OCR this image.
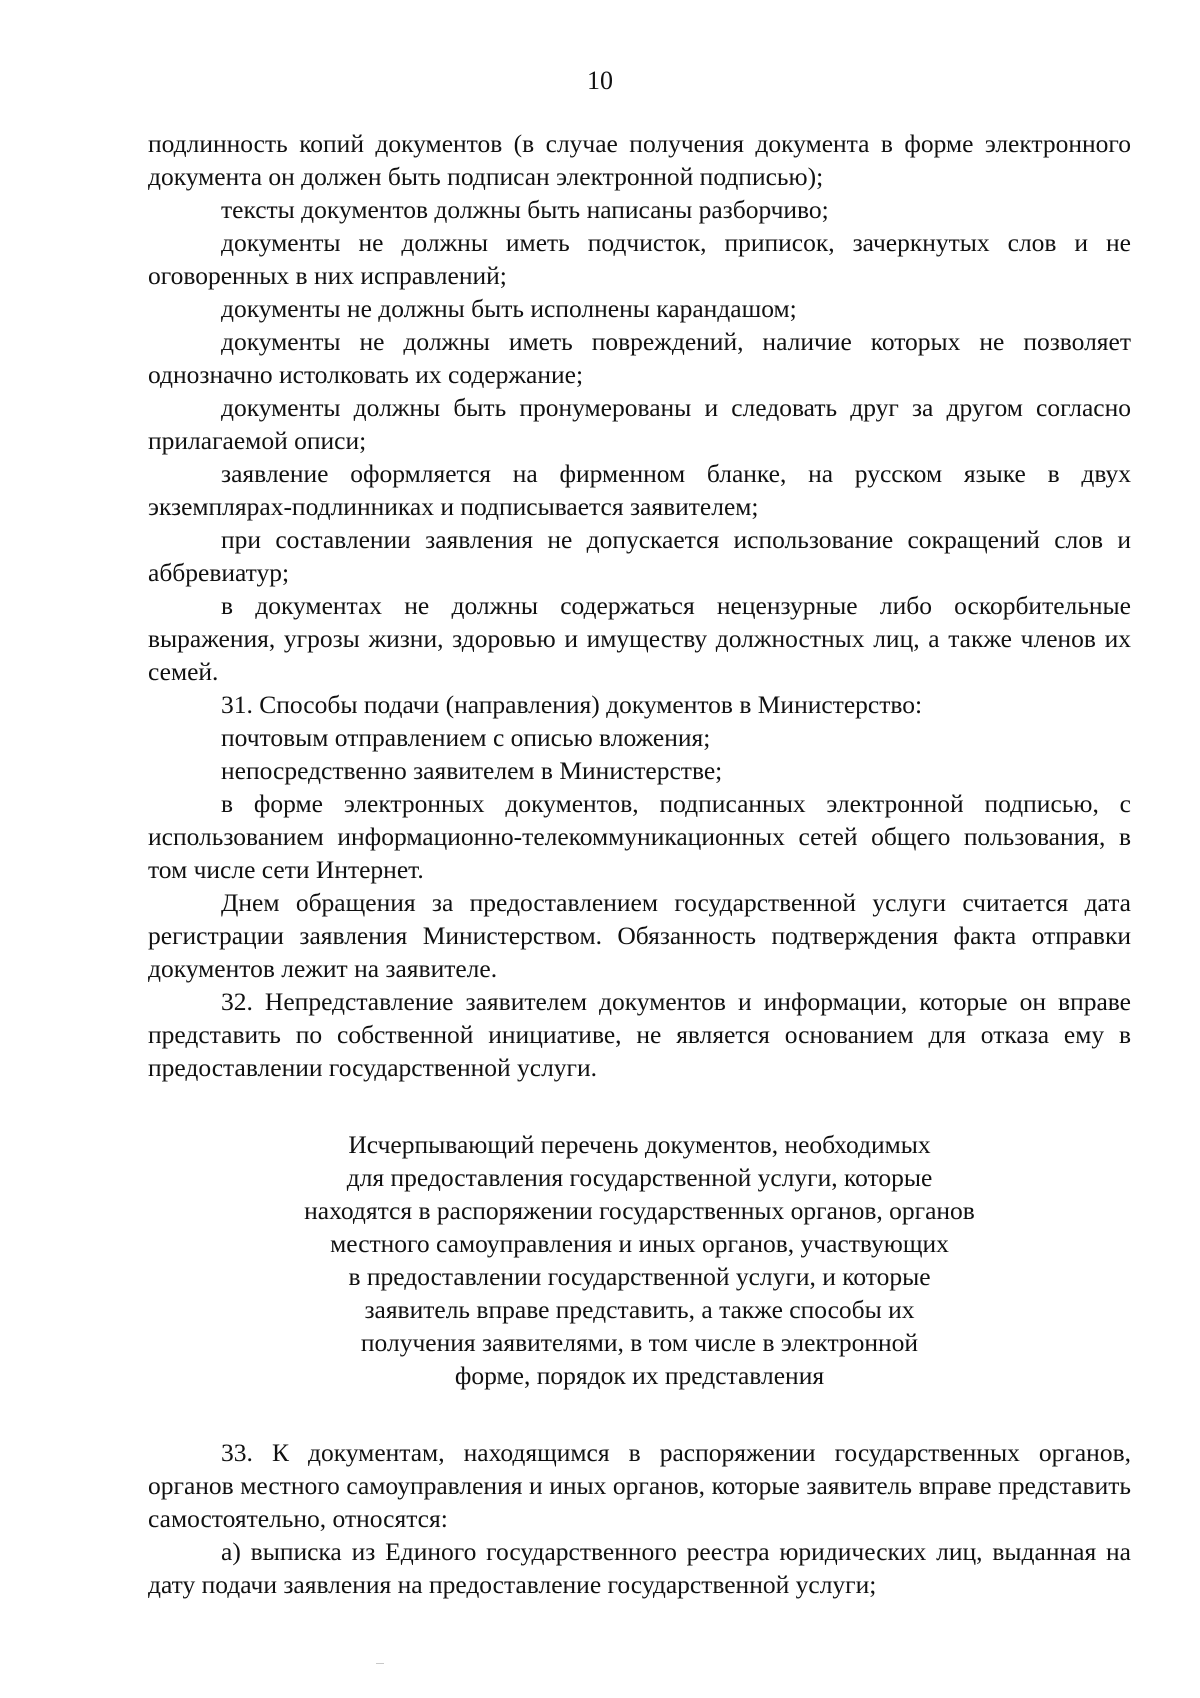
10

подлинность копий документов (в случае получения документа в форме электронного документа он должен быть подписан электронной подписью);

тексты документов должны быть написаны разборчиво;

документы не должны иметь подчисток, приписок, зачеркнутых слов и не оговоренных в них исправлений;

документы не должны быть исполнены карандашом;

документы не должны иметь повреждений, наличие которых не позволяет однозначно истолковать их содержание;

документы должны быть пронумерованы и следовать друг за другом согласно прилагаемой описи;

заявление оформляется на фирменном бланке, на русском языке в двух экземплярах-подлинниках и подписывается заявителем;

при составлении заявления не допускается использование сокращений слов и аббревиатур;

в документах не должны содержаться нецензурные либо оскорбительные выражения, угрозы жизни, здоровью и имуществу должностных лиц, а также членов их семей.

31. Способы подачи (направления) документов в Министерство:

почтовым отправлением с описью вложения;

непосредственно заявителем в Министерстве;

в форме электронных документов, подписанных электронной подписью, с использованием информационно-телекоммуникационных сетей общего пользования, в том числе сети Интернет.

Днем обращения за предоставлением государственной услуги считается дата регистрации заявления Министерством. Обязанность подтверждения факта отправки документов лежит на заявителе.

32. Непредставление заявителем документов и информации, которые он вправе представить по собственной инициативе, не является основанием для отказа ему в предоставлении государственной услуги.

Исчерпывающий перечень документов, необходимых
для предоставления государственной услуги, которые
находятся в распоряжении государственных органов, органов
местного самоуправления и иных органов, участвующих
в предоставлении государственной услуги, и которые
заявитель вправе представить, а также способы их
получения заявителями, в том числе в электронной
форме, порядок их представления

33. К документам, находящимся в распоряжении государственных органов, органов местного самоуправления и иных органов, которые заявитель вправе представить самостоятельно, относятся:

а) выписка из Единого государственного реестра юридических лиц, выданная на дату подачи заявления на предоставление государственной услуги;
